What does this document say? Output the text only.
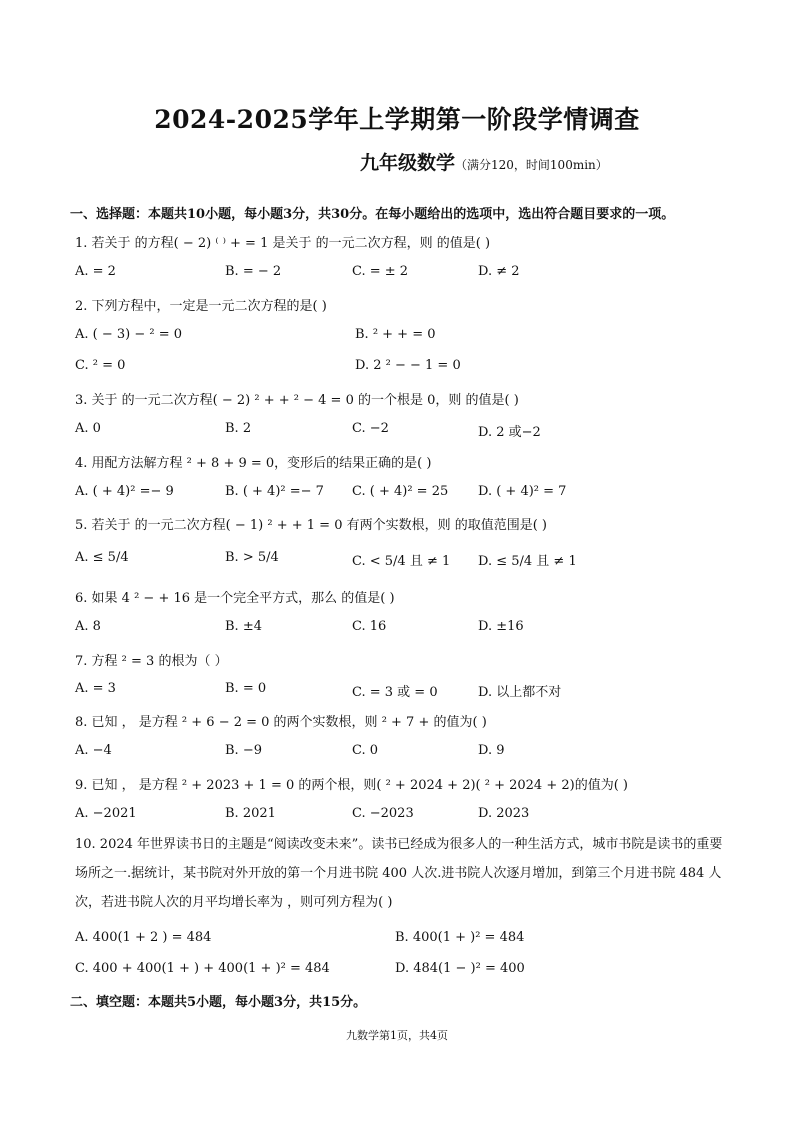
2024-2025学年上学期第一阶段学情调查
九年级数学（满分120，时间100min）
一、选择题：本题共10小题，每小题3分，共30分。在每小题给出的选项中，选出符合题目要求的一项。
1. 若关于 的方程( − 2) ⁽ ⁾ + = 1 是关于 的一元二次方程，则 的值是( )
A. = 2	B. = − 2	C. = ± 2	D. ≠ 2
2. 下列方程中，一定是一元二次方程的是( )
A. ( − 3) − ² = 0	B. ² + + = 0
C. ² = 0	D. 2 ² − − 1 = 0
3. 关于 的一元二次方程( − 2) ² + + ² − 4 = 0 的一个根是 0，则 的值是( )
A. 0	B. 2	C. −2	D. 2 或−2
4. 用配方法解方程 ² + 8 + 9 = 0，变形后的结果正确的是( )
A. ( + 4)² =− 9	B. ( + 4)² =− 7 C. ( + 4)² = 25 D. ( + 4)² = 7
5. 若关于 的一元二次方程( − 1) ² + + 1 = 0 有两个实数根，则 的取值范围是( )
A. ≤ 5/4	B. > 5/4	C. < 5/4 且 ≠ 1 D. ≤ 5/4 且 ≠ 1
6. 如果 4 ² − + 16 是一个完全平方式，那么 的值是( )
A. 8	B. ±4	C. 16	D. ±16
7. 方程 ² = 3 的根为（ ）
A. = 3	B. = 0	C. = 3 或 = 0	D. 以上都不对
8. 已知 ， 是方程 ² + 6 − 2 = 0 的两个实数根，则 ² + 7 + 的值为( )
A. −4	B. −9	C. 0	D. 9
9. 已知 ， 是方程 ² + 2023 + 1 = 0 的两个根，则( ² + 2024 + 2)( ² + 2024 + 2)的值为( )
A. −2021	B. 2021	C. −2023	D. 2023
10. 2024 年世界读书日的主题是“阅读改变未来”。读书已经成为很多人的一种生活方式，城市书院是读书的重要场所之一.据统计，某书院对外开放的第一个月进书院 400 人次.进书院人次逐月增加，到第三个月进书院 484 人次，若进书院人次的月平均增长率为 ，则可列方程为( )
A. 400(1 + 2 ) = 484	B. 400(1 + )² = 484
C. 400 + 400(1 + ) + 400(1 + )² = 484	D. 484(1 − )² = 400
二、填空题：本题共5小题，每小题3分，共15分。
九数学第1页，共4页
